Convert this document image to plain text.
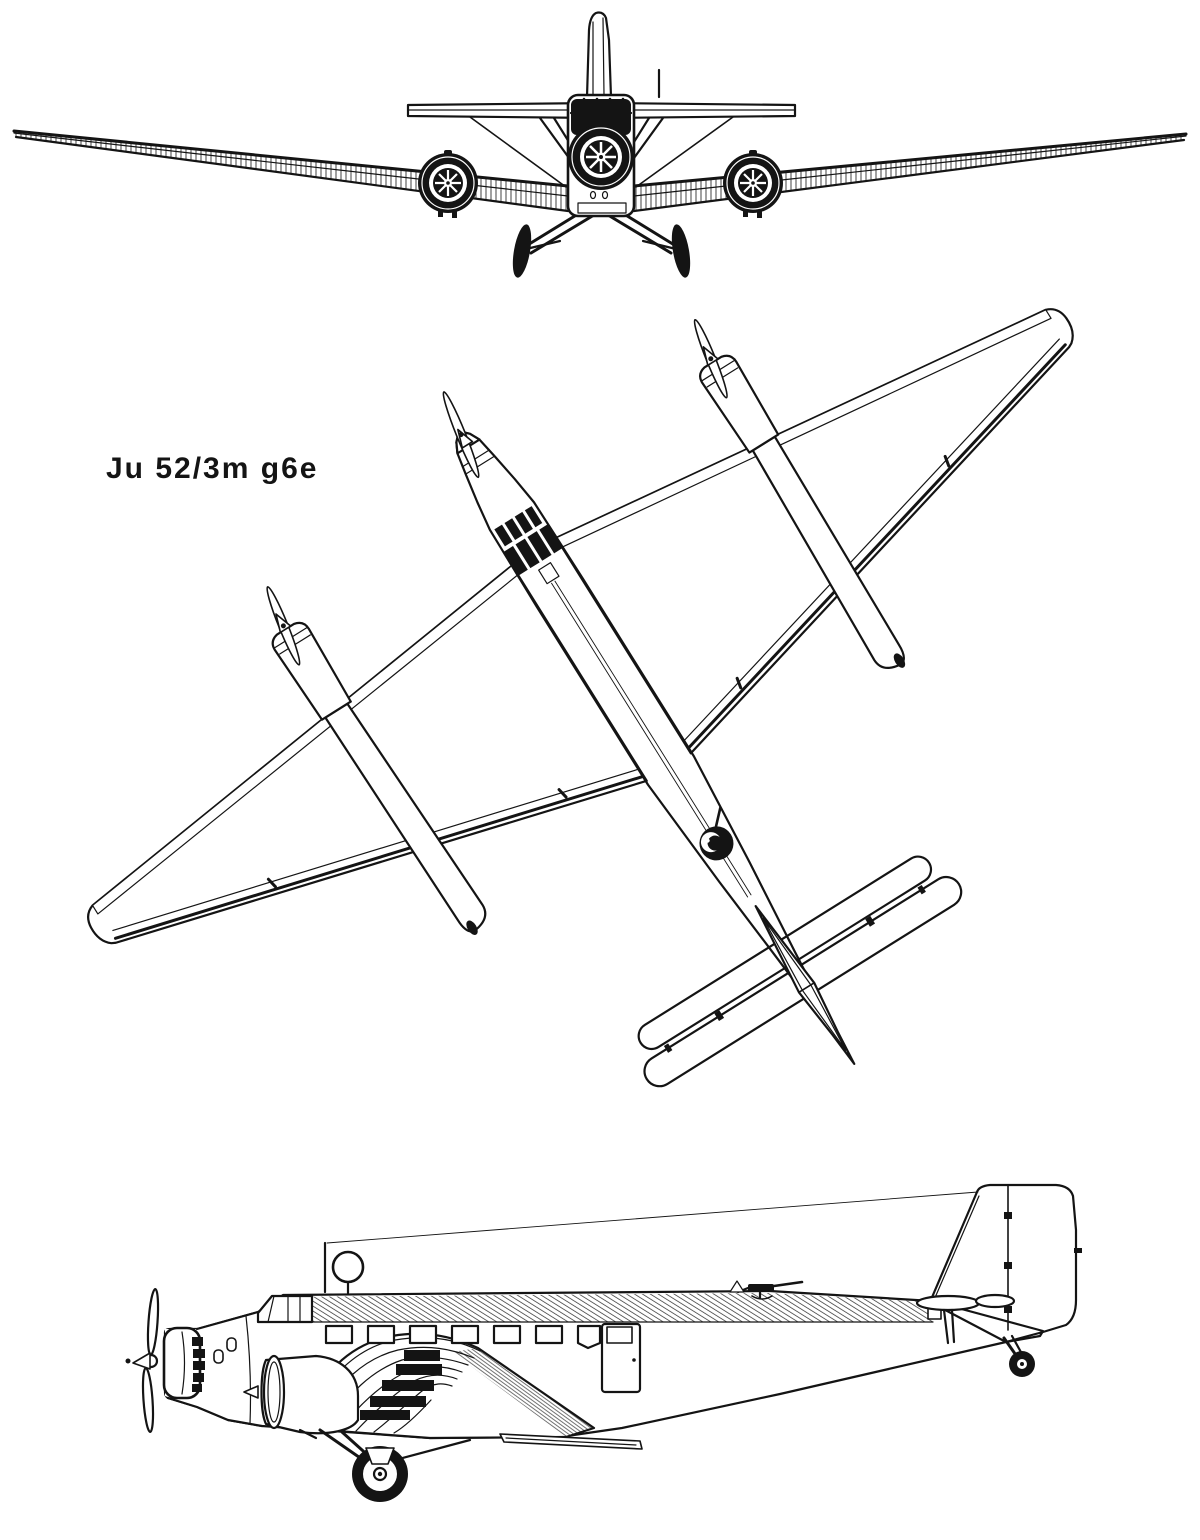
Ju 52/3m g6e
